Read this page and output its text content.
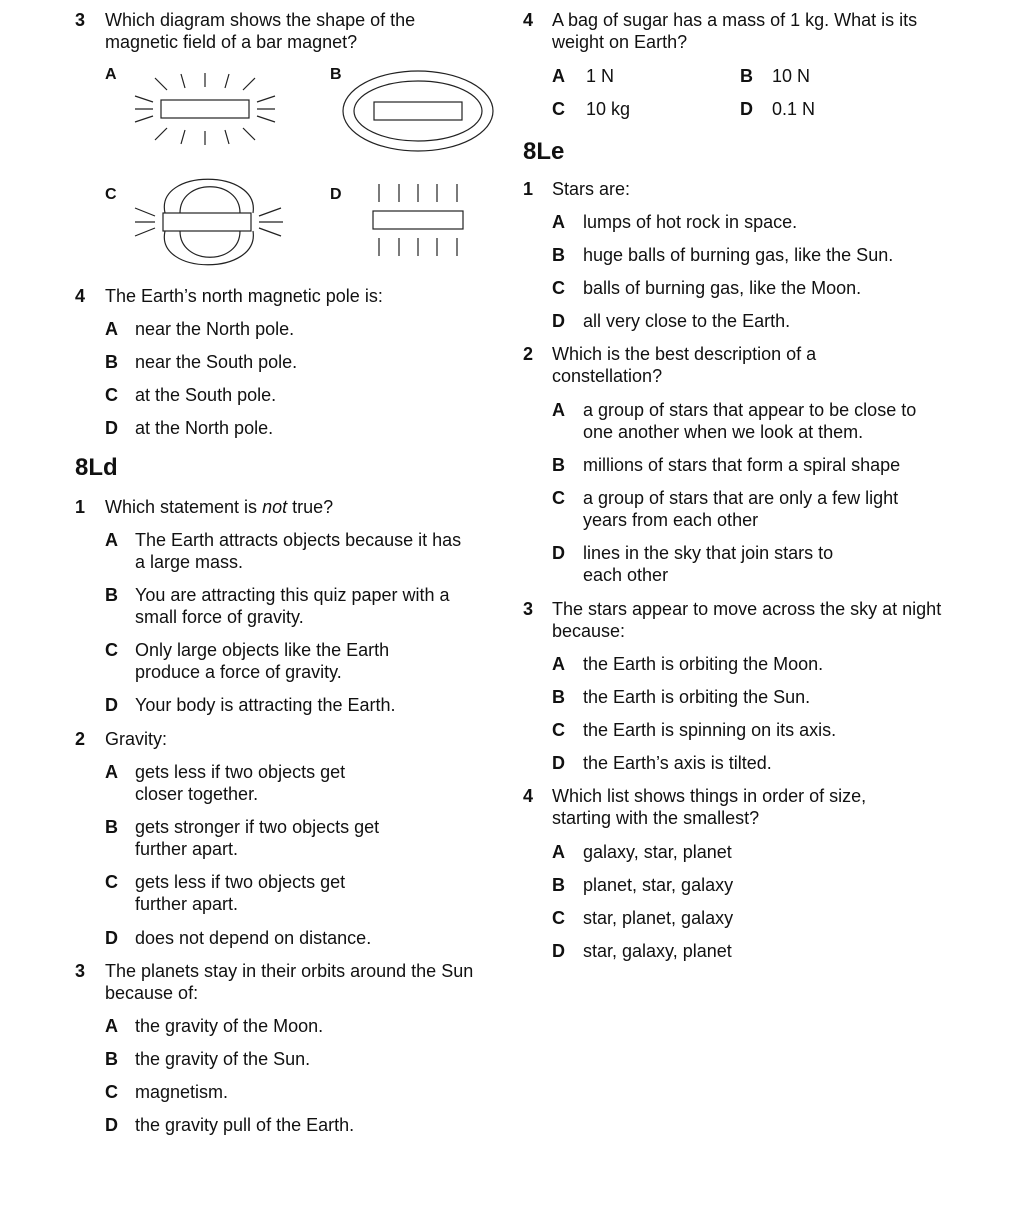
3 Which diagram shows the shape of the magnetic field of a bar magnet?
A	B
C	D
4 The Earth’s north magnetic pole is:
A near the North pole.
B near the South pole.
C at the South pole.
D at the North pole.
8Ld
1 Which statement is not true?
A The Earth attracts objects because it has a large mass.
B You are attracting this quiz paper with a small force of gravity.
C Only large objects like the Earth produce a force of gravity.
D Your body is attracting the Earth.
2 Gravity:
A gets less if two objects get closer together.
B gets stronger if two objects get further apart.
C gets less if two objects get further apart.
D does not depend on distance.
3 The planets stay in their orbits around the Sun because of:
A the gravity of the Moon.
B the gravity of the Sun.
C magnetism.
D the gravity pull of the Earth.
4 A bag of sugar has a mass of 1 kg. What is its weight on Earth?
A 1 N	B 10 N
C 10 kg	D 0.1 N
8Le
1 Stars are:
A lumps of hot rock in space.
B huge balls of burning gas, like the Sun.
C balls of burning gas, like the Moon.
D all very close to the Earth.
2 Which is the best description of a constellation?
A a group of stars that appear to be close to one another when we look at them.
B millions of stars that form a spiral shape
C a group of stars that are only a few light years from each other
D lines in the sky that join stars to each other
3 The stars appear to move across the sky at night because:
A the Earth is orbiting the Moon.
B the Earth is orbiting the Sun.
C the Earth is spinning on its axis.
D the Earth’s axis is tilted.
4 Which list shows things in order of size, starting with the smallest?
A galaxy, star, planet
B planet, star, galaxy
C star, planet, galaxy
D star, galaxy, planet
